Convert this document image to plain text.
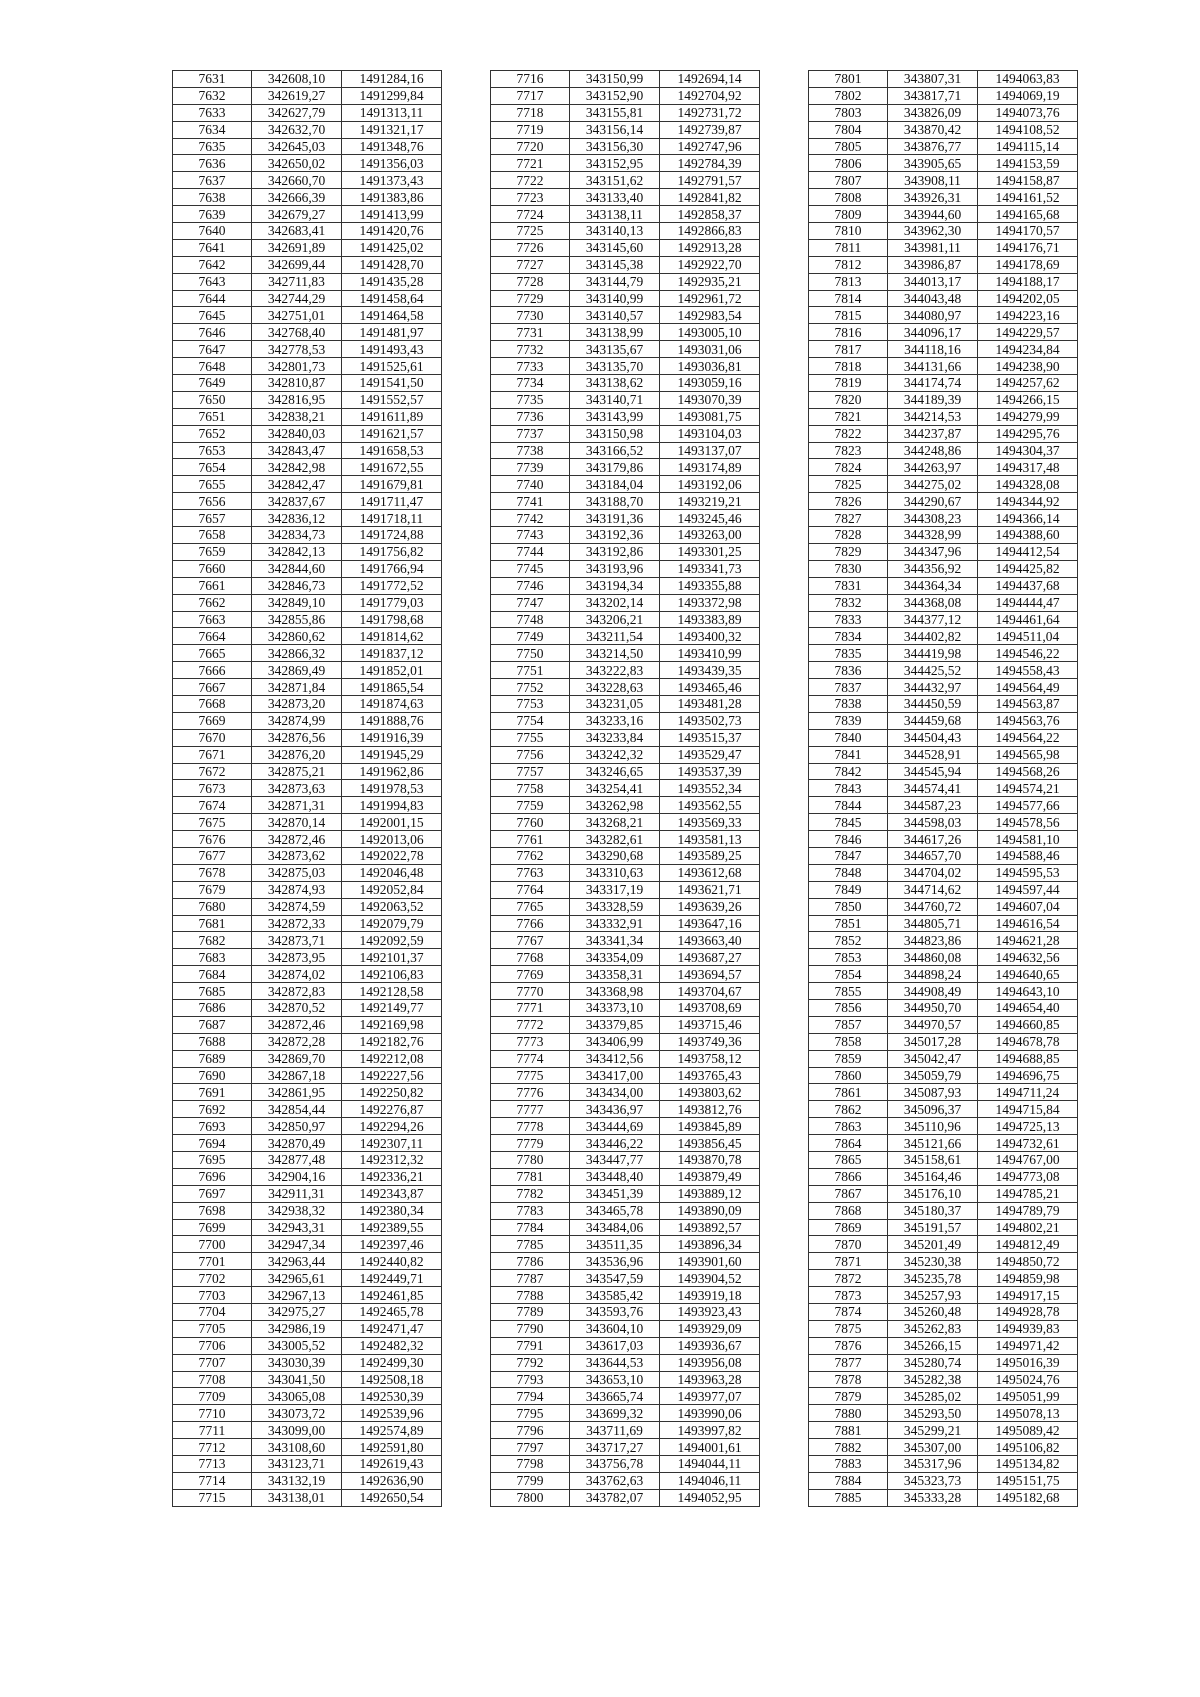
7631	342608,10	1491284,16
7632	342619,27	1491299,84
7633	342627,79	1491313,11
7634	342632,70	1491321,17
7635	342645,03	1491348,76
7636	342650,02	1491356,03
7637	342660,70	1491373,43
7638	342666,39	1491383,86
7639	342679,27	1491413,99
7640	342683,41	1491420,76
7641	342691,89	1491425,02
7642	342699,44	1491428,70
7643	342711,83	1491435,28
7644	342744,29	1491458,64
7645	342751,01	1491464,58
7646	342768,40	1491481,97
7647	342778,53	1491493,43
7648	342801,73	1491525,61
7649	342810,87	1491541,50
7650	342816,95	1491552,57
7651	342838,21	1491611,89
7652	342840,03	1491621,57
7653	342843,47	1491658,53
7654	342842,98	1491672,55
7655	342842,47	1491679,81
7656	342837,67	1491711,47
7657	342836,12	1491718,11
7658	342834,73	1491724,88
7659	342842,13	1491756,82
7660	342844,60	1491766,94
7661	342846,73	1491772,52
7662	342849,10	1491779,03
7663	342855,86	1491798,68
7664	342860,62	1491814,62
7665	342866,32	1491837,12
7666	342869,49	1491852,01
7667	342871,84	1491865,54
7668	342873,20	1491874,63
7669	342874,99	1491888,76
7670	342876,56	1491916,39
7671	342876,20	1491945,29
7672	342875,21	1491962,86
7673	342873,63	1491978,53
7674	342871,31	1491994,83
7675	342870,14	1492001,15
7676	342872,46	1492013,06
7677	342873,62	1492022,78
7678	342875,03	1492046,48
7679	342874,93	1492052,84
7680	342874,59	1492063,52
7681	342872,33	1492079,79
7682	342873,71	1492092,59
7683	342873,95	1492101,37
7684	342874,02	1492106,83
7685	342872,83	1492128,58
7686	342870,52	1492149,77
7687	342872,46	1492169,98
7688	342872,28	1492182,76
7689	342869,70	1492212,08
7690	342867,18	1492227,56
7691	342861,95	1492250,82
7692	342854,44	1492276,87
7693	342850,97	1492294,26
7694	342870,49	1492307,11
7695	342877,48	1492312,32
7696	342904,16	1492336,21
7697	342911,31	1492343,87
7698	342938,32	1492380,34
7699	342943,31	1492389,55
7700	342947,34	1492397,46
7701	342963,44	1492440,82
7702	342965,61	1492449,71
7703	342967,13	1492461,85
7704	342975,27	1492465,78
7705	342986,19	1492471,47
7706	343005,52	1492482,32
7707	343030,39	1492499,30
7708	343041,50	1492508,18
7709	343065,08	1492530,39
7710	343073,72	1492539,96
7711	343099,00	1492574,89
7712	343108,60	1492591,80
7713	343123,71	1492619,43
7714	343132,19	1492636,90
7715	343138,01	1492650,54
7716	343150,99	1492694,14
7717	343152,90	1492704,92
7718	343155,81	1492731,72
7719	343156,14	1492739,87
7720	343156,30	1492747,96
7721	343152,95	1492784,39
7722	343151,62	1492791,57
7723	343133,40	1492841,82
7724	343138,11	1492858,37
7725	343140,13	1492866,83
7726	343145,60	1492913,28
7727	343145,38	1492922,70
7728	343144,79	1492935,21
7729	343140,99	1492961,72
7730	343140,57	1492983,54
7731	343138,99	1493005,10
7732	343135,67	1493031,06
7733	343135,70	1493036,81
7734	343138,62	1493059,16
7735	343140,71	1493070,39
7736	343143,99	1493081,75
7737	343150,98	1493104,03
7738	343166,52	1493137,07
7739	343179,86	1493174,89
7740	343184,04	1493192,06
7741	343188,70	1493219,21
7742	343191,36	1493245,46
7743	343192,36	1493263,00
7744	343192,86	1493301,25
7745	343193,96	1493341,73
7746	343194,34	1493355,88
7747	343202,14	1493372,98
7748	343206,21	1493383,89
7749	343211,54	1493400,32
7750	343214,50	1493410,99
7751	343222,83	1493439,35
7752	343228,63	1493465,46
7753	343231,05	1493481,28
7754	343233,16	1493502,73
7755	343233,84	1493515,37
7756	343242,32	1493529,47
7757	343246,65	1493537,39
7758	343254,41	1493552,34
7759	343262,98	1493562,55
7760	343268,21	1493569,33
7761	343282,61	1493581,13
7762	343290,68	1493589,25
7763	343310,63	1493612,68
7764	343317,19	1493621,71
7765	343328,59	1493639,26
7766	343332,91	1493647,16
7767	343341,34	1493663,40
7768	343354,09	1493687,27
7769	343358,31	1493694,57
7770	343368,98	1493704,67
7771	343373,10	1493708,69
7772	343379,85	1493715,46
7773	343406,99	1493749,36
7774	343412,56	1493758,12
7775	343417,00	1493765,43
7776	343434,00	1493803,62
7777	343436,97	1493812,76
7778	343444,69	1493845,89
7779	343446,22	1493856,45
7780	343447,77	1493870,78
7781	343448,40	1493879,49
7782	343451,39	1493889,12
7783	343465,78	1493890,09
7784	343484,06	1493892,57
7785	343511,35	1493896,34
7786	343536,96	1493901,60
7787	343547,59	1493904,52
7788	343585,42	1493919,18
7789	343593,76	1493923,43
7790	343604,10	1493929,09
7791	343617,03	1493936,67
7792	343644,53	1493956,08
7793	343653,10	1493963,28
7794	343665,74	1493977,07
7795	343699,32	1493990,06
7796	343711,69	1493997,82
7797	343717,27	1494001,61
7798	343756,78	1494044,11
7799	343762,63	1494046,11
7800	343782,07	1494052,95
7801	343807,31	1494063,83
7802	343817,71	1494069,19
7803	343826,09	1494073,76
7804	343870,42	1494108,52
7805	343876,77	1494115,14
7806	343905,65	1494153,59
7807	343908,11	1494158,87
7808	343926,31	1494161,52
7809	343944,60	1494165,68
7810	343962,30	1494170,57
7811	343981,11	1494176,71
7812	343986,87	1494178,69
7813	344013,17	1494188,17
7814	344043,48	1494202,05
7815	344080,97	1494223,16
7816	344096,17	1494229,57
7817	344118,16	1494234,84
7818	344131,66	1494238,90
7819	344174,74	1494257,62
7820	344189,39	1494266,15
7821	344214,53	1494279,99
7822	344237,87	1494295,76
7823	344248,86	1494304,37
7824	344263,97	1494317,48
7825	344275,02	1494328,08
7826	344290,67	1494344,92
7827	344308,23	1494366,14
7828	344328,99	1494388,60
7829	344347,96	1494412,54
7830	344356,92	1494425,82
7831	344364,34	1494437,68
7832	344368,08	1494444,47
7833	344377,12	1494461,64
7834	344402,82	1494511,04
7835	344419,98	1494546,22
7836	344425,52	1494558,43
7837	344432,97	1494564,49
7838	344450,59	1494563,87
7839	344459,68	1494563,76
7840	344504,43	1494564,22
7841	344528,91	1494565,98
7842	344545,94	1494568,26
7843	344574,41	1494574,21
7844	344587,23	1494577,66
7845	344598,03	1494578,56
7846	344617,26	1494581,10
7847	344657,70	1494588,46
7848	344704,02	1494595,53
7849	344714,62	1494597,44
7850	344760,72	1494607,04
7851	344805,71	1494616,54
7852	344823,86	1494621,28
7853	344860,08	1494632,56
7854	344898,24	1494640,65
7855	344908,49	1494643,10
7856	344950,70	1494654,40
7857	344970,57	1494660,85
7858	345017,28	1494678,78
7859	345042,47	1494688,85
7860	345059,79	1494696,75
7861	345087,93	1494711,24
7862	345096,37	1494715,84
7863	345110,96	1494725,13
7864	345121,66	1494732,61
7865	345158,61	1494767,00
7866	345164,46	1494773,08
7867	345176,10	1494785,21
7868	345180,37	1494789,79
7869	345191,57	1494802,21
7870	345201,49	1494812,49
7871	345230,38	1494850,72
7872	345235,78	1494859,98
7873	345257,93	1494917,15
7874	345260,48	1494928,78
7875	345262,83	1494939,83
7876	345266,15	1494971,42
7877	345280,74	1495016,39
7878	345282,38	1495024,76
7879	345285,02	1495051,99
7880	345293,50	1495078,13
7881	345299,21	1495089,42
7882	345307,00	1495106,82
7883	345317,96	1495134,82
7884	345323,73	1495151,75
7885	345333,28	1495182,68
